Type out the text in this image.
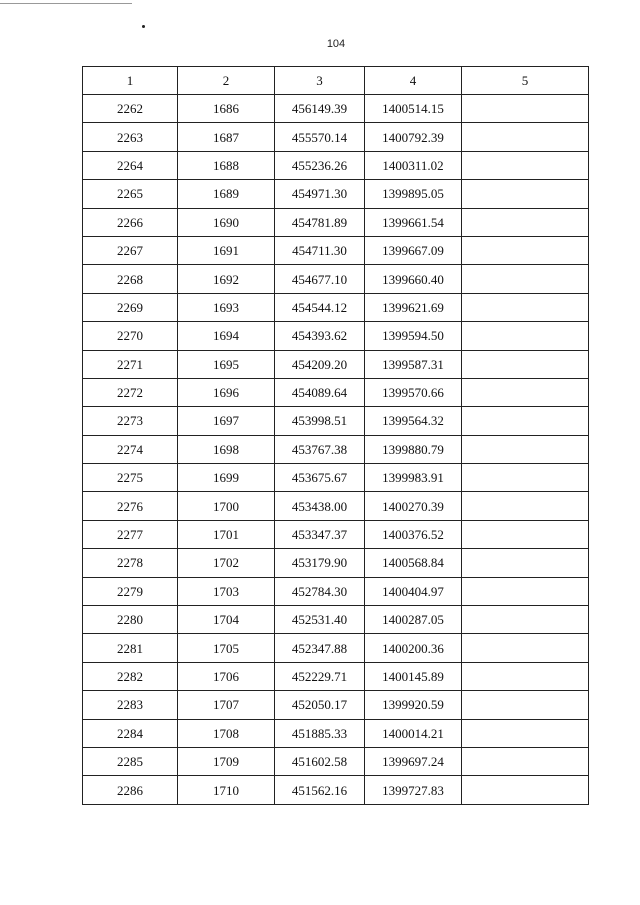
104
1	2	3	4	5
2262	1686	456149.39	1400514.15	
2263	1687	455570.14	1400792.39	
2264	1688	455236.26	1400311.02	
2265	1689	454971.30	1399895.05	
2266	1690	454781.89	1399661.54	
2267	1691	454711.30	1399667.09	
2268	1692	454677.10	1399660.40	
2269	1693	454544.12	1399621.69	
2270	1694	454393.62	1399594.50	
2271	1695	454209.20	1399587.31	
2272	1696	454089.64	1399570.66	
2273	1697	453998.51	1399564.32	
2274	1698	453767.38	1399880.79	
2275	1699	453675.67	1399983.91	
2276	1700	453438.00	1400270.39	
2277	1701	453347.37	1400376.52	
2278	1702	453179.90	1400568.84	
2279	1703	452784.30	1400404.97	
2280	1704	452531.40	1400287.05	
2281	1705	452347.88	1400200.36	
2282	1706	452229.71	1400145.89	
2283	1707	452050.17	1399920.59	
2284	1708	451885.33	1400014.21	
2285	1709	451602.58	1399697.24	
2286	1710	451562.16	1399727.83	
